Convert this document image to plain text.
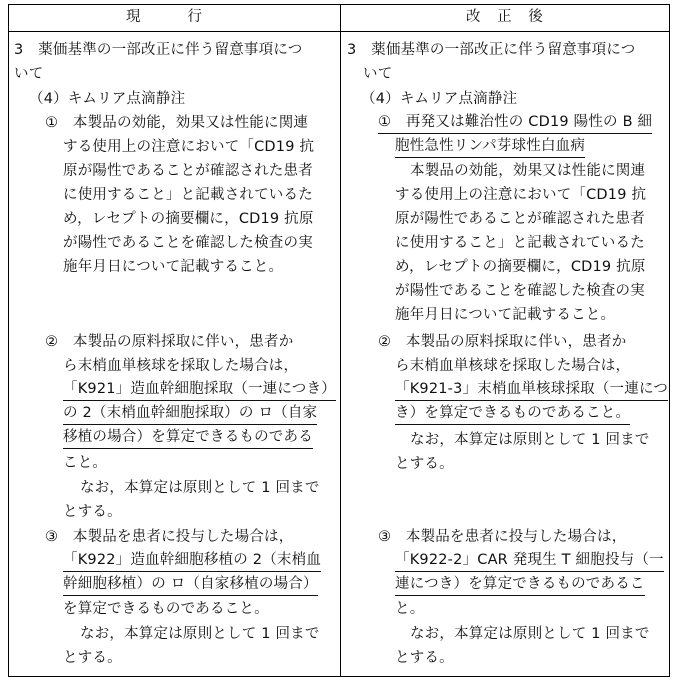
現　　行	改 正 後
3　薬価基準の一部改正に伴う留意事項につ
いて
（4）キムリア点滴静注
①　本製品の効能，効果又は性能に関連
する使用上の注意において「CD19 抗
原が陽性であることが確認された患者
に使用すること」と記載されているた
め，レセプトの摘要欄に，CD19 抗原
が陽性であることを確認した検査の実
施年月日について記載すること。
②　本製品の原料採取に伴い，患者か
ら末梢血単核球を採取した場合は，
「K921」造血幹細胞採取（一連につき）
の 2（末梢血幹細胞採取）の ロ（自家
移植の場合）を算定できるものである
こと。
なお，本算定は原則として 1 回まで
とする。
③　本製品を患者に投与した場合は，
「K922」造血幹細胞移植の 2（末梢血
幹細胞移植）の ロ（自家移植の場合）
を算定できるものであること。
なお，本算定は原則として 1 回まで
とする。
3　薬価基準の一部改正に伴う留意事項につ
いて
（4）キムリア点滴静注
①　再発又は難治性の CD19 陽性の B 細
胞性急性リンパ芽球性白血病
本製品の効能，効果又は性能に関連
する使用上の注意において「CD19 抗
原が陽性であることが確認された患者
に使用すること」と記載されているた
め，レセプトの摘要欄に，CD19 抗原
が陽性であることを確認した検査の実
施年月日について記載すること。
②　本製品の原料採取に伴い，患者か
ら末梢血単核球を採取した場合は，
「K921-3」末梢血単核球採取（一連につ
き）を算定できるものであること。
なお，本算定は原則として 1 回まで
とする。
③　本製品を患者に投与した場合は，
「K922-2」CAR 発現生 T 細胞投与（一
連につき）を算定できるものであるこ
と。
なお，本算定は原則として 1 回まで
とする。
